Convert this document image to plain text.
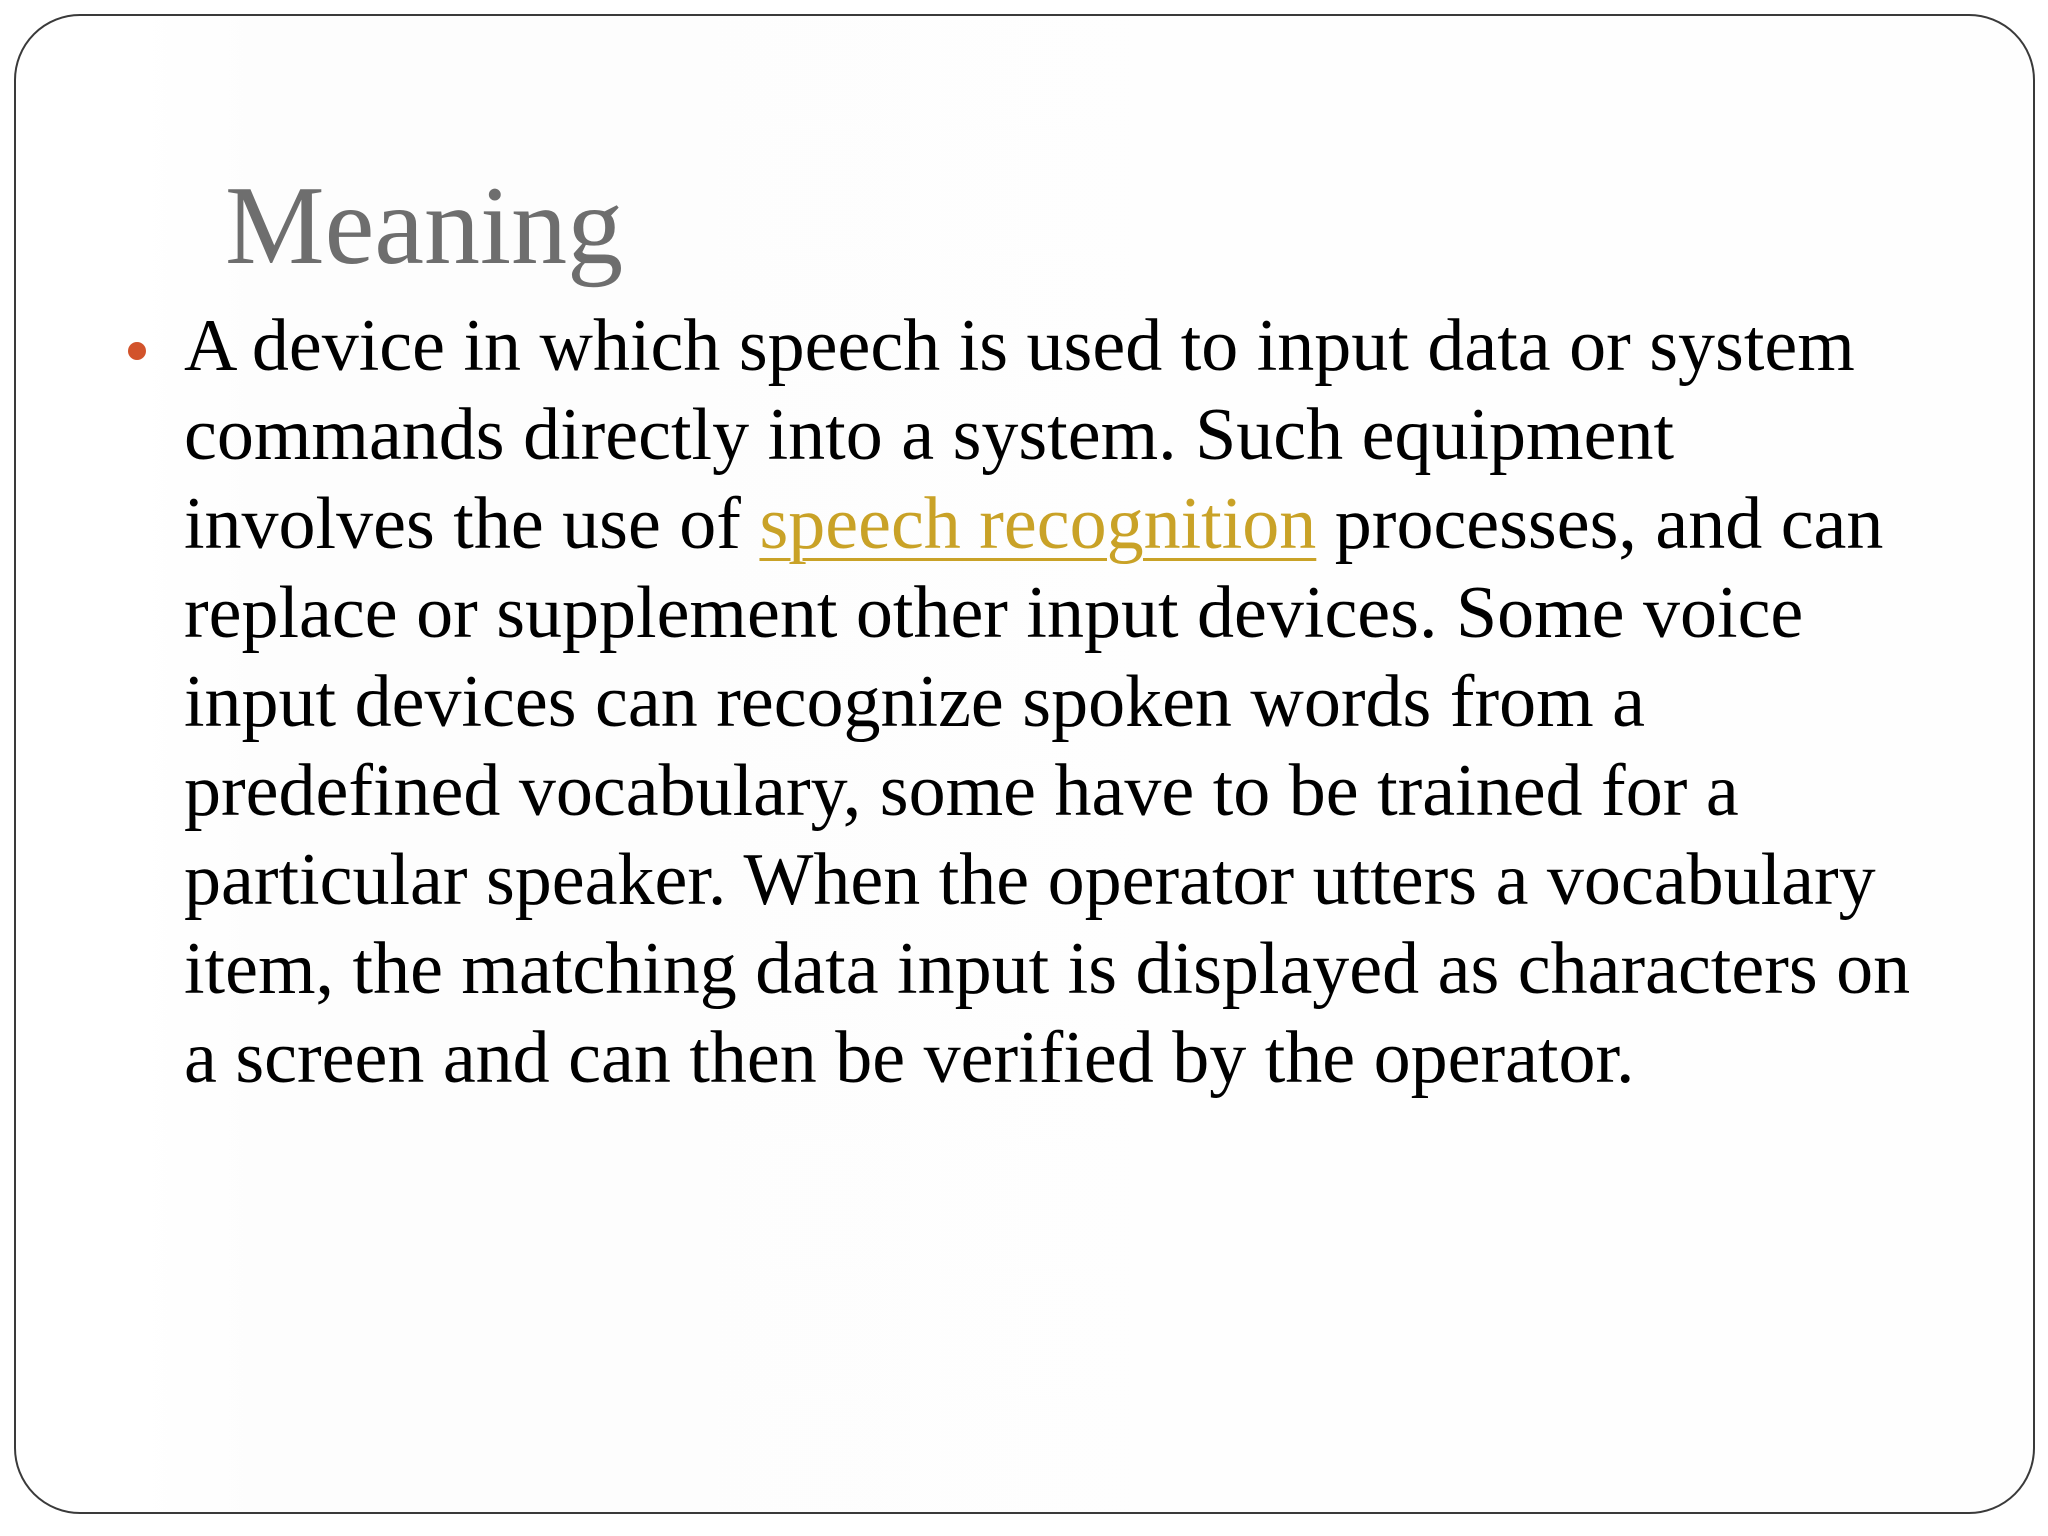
Meaning

A device in which speech is used to input data or system
commands directly into a system. Such equipment
involves the use of speech recognition processes, and can
replace or supplement other input devices. Some voice
input devices can recognize spoken words from a
predefined vocabulary, some have to be trained for a
particular speaker. When the operator utters a vocabulary
item, the matching data input is displayed as characters on
a screen and can then be verified by the operator.
